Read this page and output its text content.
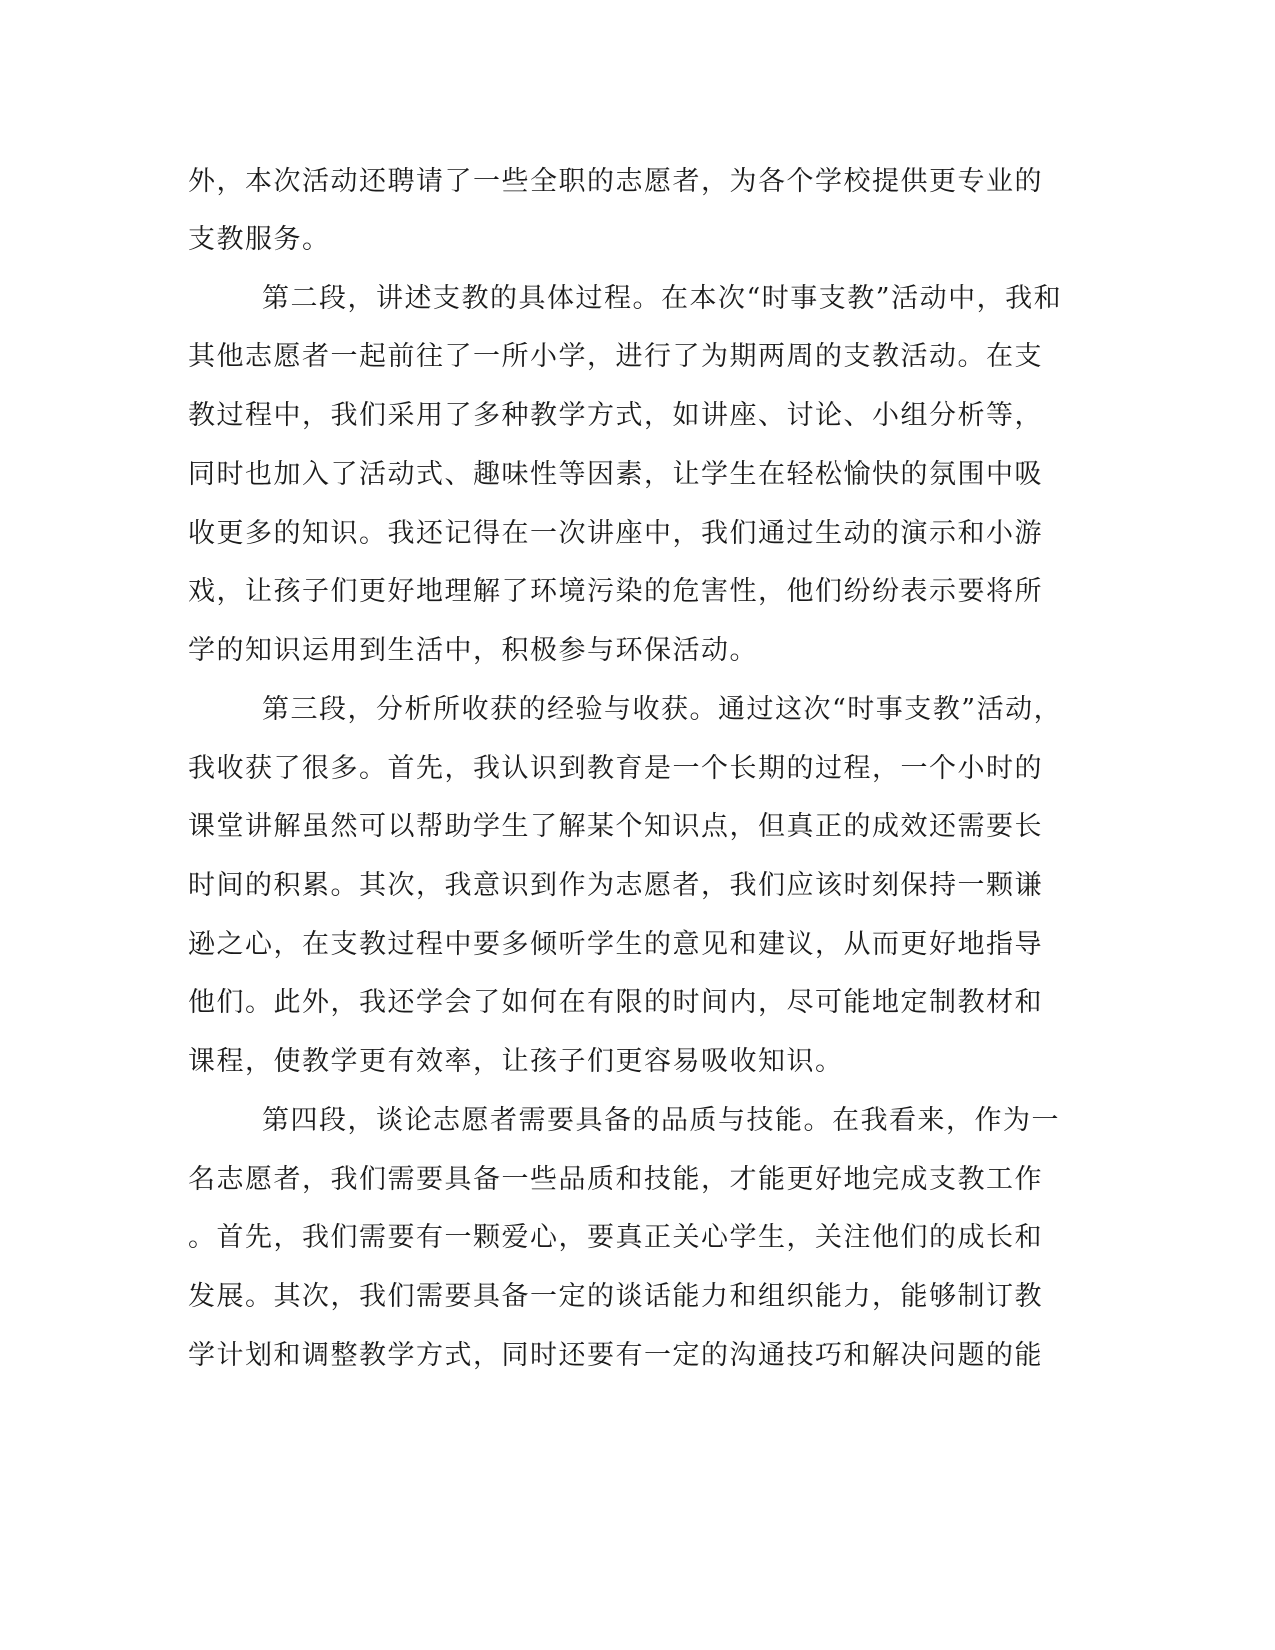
外，本次活动还聘请了一些全职的志愿者，为各个学校提供更专业的
支教服务。
第二段，讲述支教的具体过程。在本次“时事支教”活动中，我和
其他志愿者一起前往了一所小学，进行了为期两周的支教活动。在支
教过程中，我们采用了多种教学方式，如讲座、讨论、小组分析等，
同时也加入了活动式、趣味性等因素，让学生在轻松愉快的氛围中吸
收更多的知识。我还记得在一次讲座中，我们通过生动的演示和小游
戏，让孩子们更好地理解了环境污染的危害性，他们纷纷表示要将所
学的知识运用到生活中，积极参与环保活动。
第三段，分析所收获的经验与收获。通过这次“时事支教”活动，
我收获了很多。首先，我认识到教育是一个长期的过程，一个小时的
课堂讲解虽然可以帮助学生了解某个知识点，但真正的成效还需要长
时间的积累。其次，我意识到作为志愿者，我们应该时刻保持一颗谦
逊之心，在支教过程中要多倾听学生的意见和建议，从而更好地指导
他们。此外，我还学会了如何在有限的时间内，尽可能地定制教材和
课程，使教学更有效率，让孩子们更容易吸收知识。
第四段，谈论志愿者需要具备的品质与技能。在我看来，作为一
名志愿者，我们需要具备一些品质和技能，才能更好地完成支教工作
。首先，我们需要有一颗爱心，要真正关心学生，关注他们的成长和
发展。其次，我们需要具备一定的谈话能力和组织能力，能够制订教
学计划和调整教学方式，同时还要有一定的沟通技巧和解决问题的能
